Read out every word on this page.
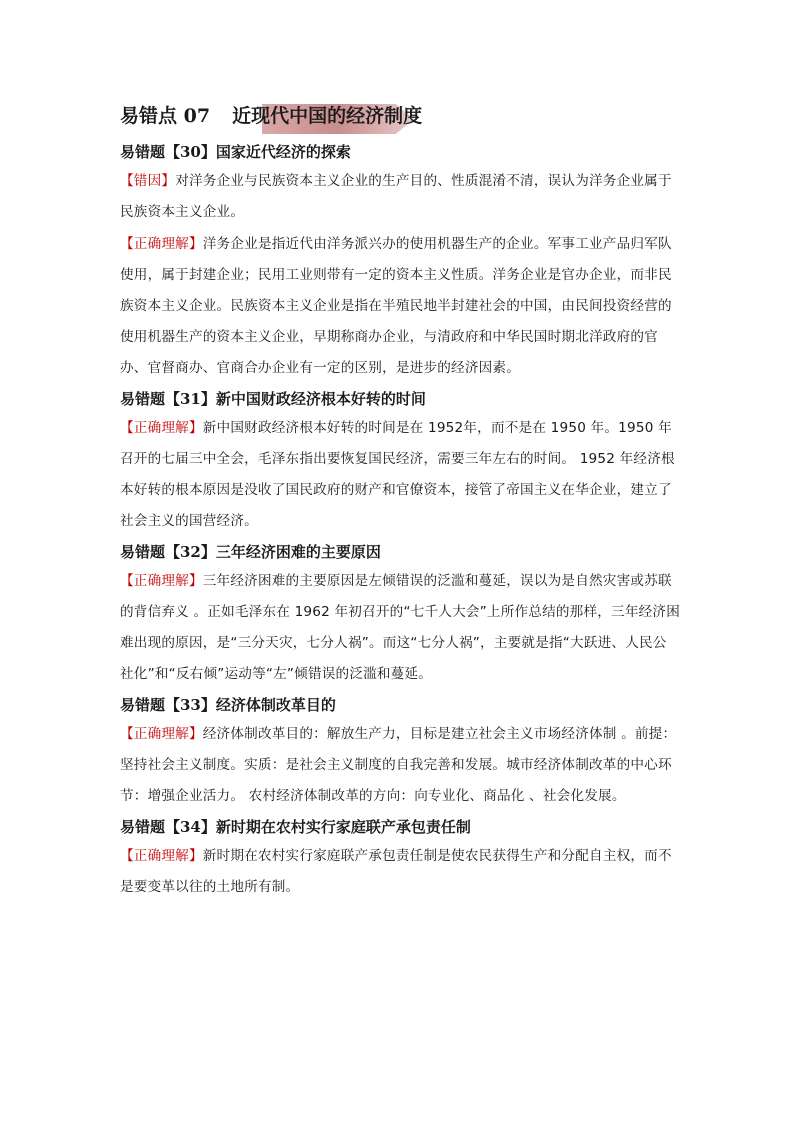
易错点 07 近现代中国的经济制度

易错题【30】国家近代经济的探索

【错因】对洋务企业与民族资本主义企业的生产目的、性质混淆不清，误认为洋务企业属于民族资本主义企业。

【正确理解】洋务企业是指近代由洋务派兴办的使用机器生产的企业。军事工业产品归军队使用，属于封建企业；民用工业则带有一定的资本主义性质。洋务企业是官办企业，而非民族资本主义企业。民族资本主义企业是指在半殖民地半封建社会的中国，由民间投资经营的使用机器生产的资本主义企业，早期称商办企业，与清政府和中华民国时期北洋政府的官办、官督商办、官商合办企业有一定的区别，是进步的经济因素。

易错题【31】新中国财政经济根本好转的时间

【正确理解】新中国财政经济根本好转的时间是在 1952年，而不是在 1950 年。1950 年召开的七届三中全会，毛泽东指出要恢复国民经济，需要三年左右的时间。 1952 年经济根本好转的根本原因是没收了国民政府的财产和官僚资本，接管了帝国主义在华企业，建立了社会主义的国营经济。

易错题【32】三年经济困难的主要原因

【正确理解】三年经济困难的主要原因是左倾错误的泛滥和蔓延，误以为是自然灾害或苏联的背信弃义 。正如毛泽东在 1962 年初召开的“七千人大会”上所作总结的那样，三年经济困难出现的原因，是“三分天灾，七分人祸”。而这“七分人祸”，主要就是指“大跃进、人民公社化”和“反右倾”运动等“左”倾错误的泛滥和蔓延。

易错题【33】经济体制改革目的

【正确理解】经济体制改革目的：解放生产力，目标是建立社会主义市场经济体制 。前提：坚持社会主义制度。实质：是社会主义制度的自我完善和发展。城市经济体制改革的中心环节：增强企业活力。 农村经济体制改革的方向：向专业化、商品化 、社会化发展。

易错题【34】新时期在农村实行家庭联产承包责任制

【正确理解】新时期在农村实行家庭联产承包责任制是使农民获得生产和分配自主权，而不是要变革以往的土地所有制。
